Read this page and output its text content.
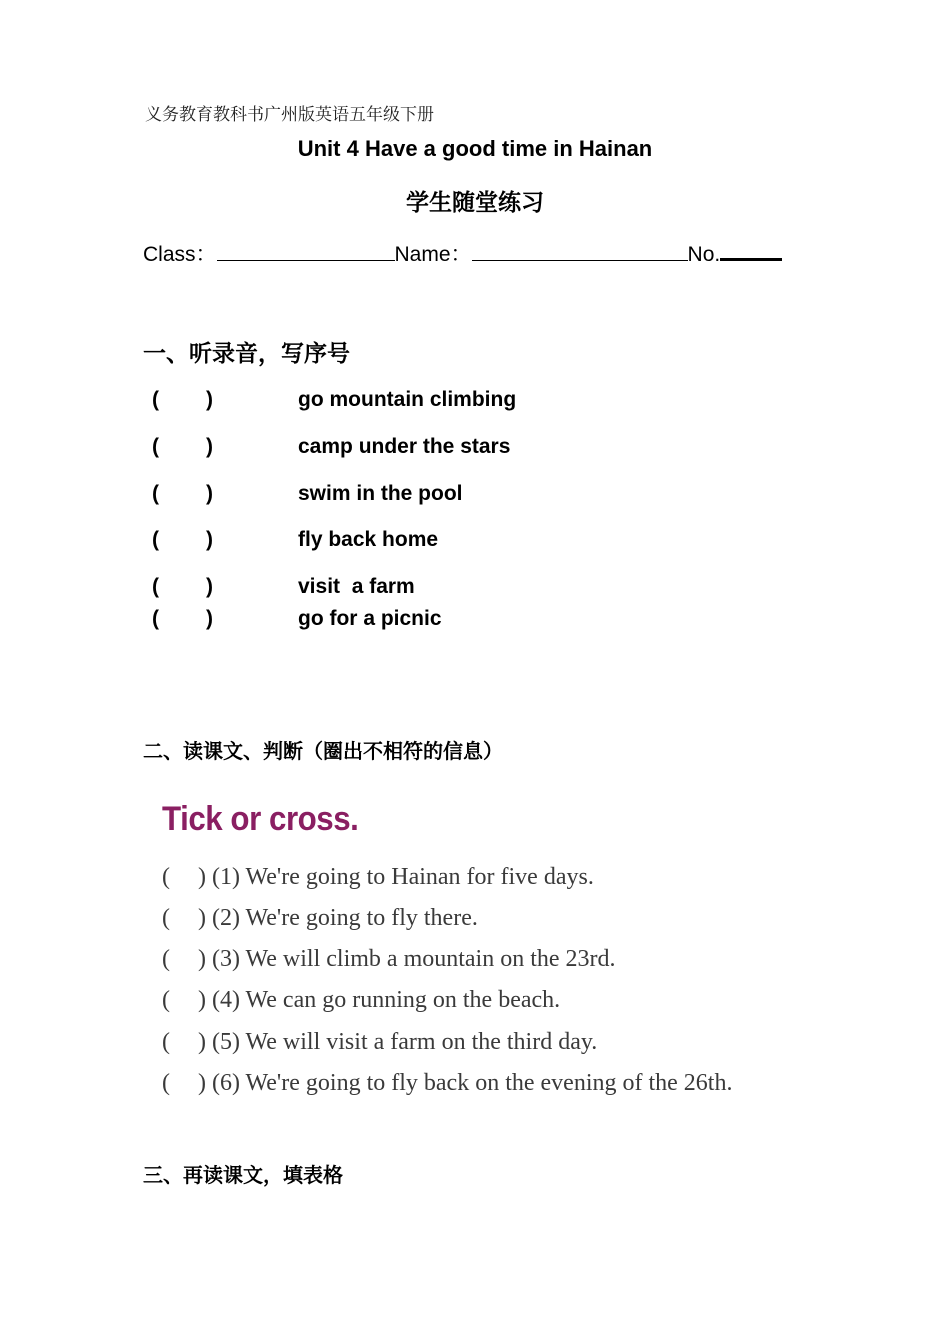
义务教育教科书广州版英语五年级下册
Unit 4 Have a good time in Hainan
学生随堂练习
Class：	Name：	No.
一、听录音，写序号
(	)	go mountain climbing
(	)	camp under the stars
(	)	swim in the pool
(	)	fly back home
(	)	visit  a farm
(	)	go for a picnic
二、读课文、判断（圈出不相符的信息）
Tick or cross.
( ) (1) We're going to Hainan for five days.
( ) (2) We're going to fly there.
( ) (3) We will climb a mountain on the 23rd.
( ) (4) We can go running on the beach.
( ) (5) We will visit a farm on the third day.
( ) (6) We're going to fly back on the evening of the 26th.
三、再读课文，填表格
